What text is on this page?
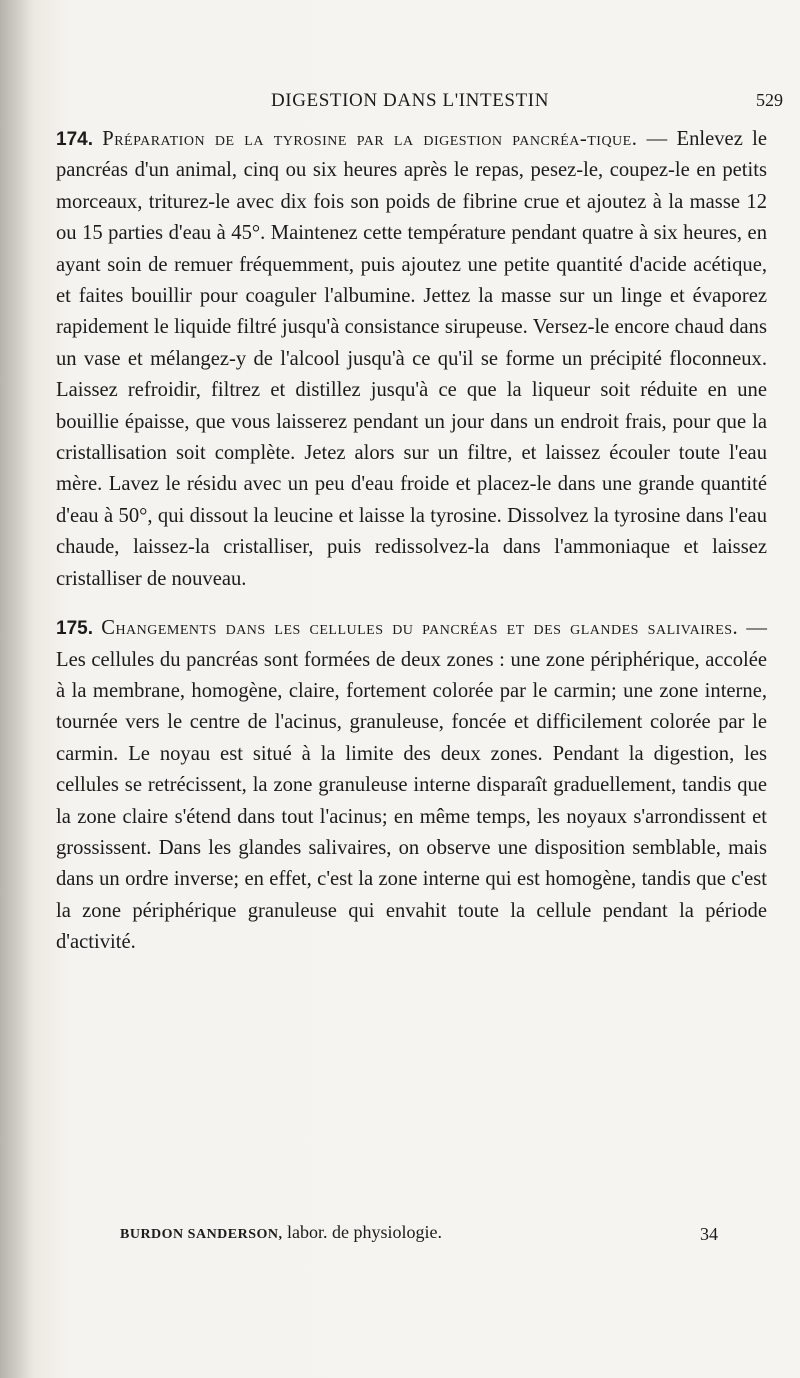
DIGESTION DANS L'INTESTIN	529

174. Préparation de la tyrosine par la digestion pancréa-tique. — Enlevez le pancréas d'un animal, cinq ou six heures après le repas, pesez-le, coupez-le en petits morceaux, triturez-le avec dix fois son poids de fibrine crue et ajoutez à la masse 12 ou 15 parties d'eau à 45°. Maintenez cette température pendant quatre à six heures, en ayant soin de remuer fréquemment, puis ajoutez une petite quantité d'acide acétique, et faites bouillir pour coaguler l'albumine. Jettez la masse sur un linge et évaporez rapidement le liquide filtré jusqu'à consistance sirupeuse. Versez-le encore chaud dans un vase et mélangez-y de l'alcool jusqu'à ce qu'il se forme un précipité floconneux. Laissez refroidir, filtrez et distillez jusqu'à ce que la liqueur soit réduite en une bouillie épaisse, que vous laisserez pendant un jour dans un endroit frais, pour que la cristallisation soit complète. Jetez alors sur un filtre, et laissez écouler toute l'eau mère. Lavez le résidu avec un peu d'eau froide et placez-le dans une grande quantité d'eau à 50°, qui dissout la leucine et laisse la tyrosine. Dissolvez la tyrosine dans l'eau chaude, laissez-la cristalliser, puis redissolvez-la dans l'ammoniaque et laissez cristalliser de nouveau.

175. Changements dans les cellules du pancréas et des glandes salivaires. — Les cellules du pancréas sont formées de deux zones : une zone périphérique, accolée à la membrane, homogène, claire, fortement colorée par le carmin; une zone interne, tournée vers le centre de l'acinus, granuleuse, foncée et difficilement colorée par le carmin. Le noyau est situé à la limite des deux zones. Pendant la digestion, les cellules se retrécissent, la zone granuleuse interne disparaît graduellement, tandis que la zone claire s'étend dans tout l'acinus; en même temps, les noyaux s'arrondissent et grossissent. Dans les glandes salivaires, on observe une disposition semblable, mais dans un ordre inverse; en effet, c'est la zone interne qui est homogène, tandis que c'est la zone périphérique granuleuse qui envahit toute la cellule pendant la période d'activité.

BURDON SANDERSON, labor. de physiologie.	34
